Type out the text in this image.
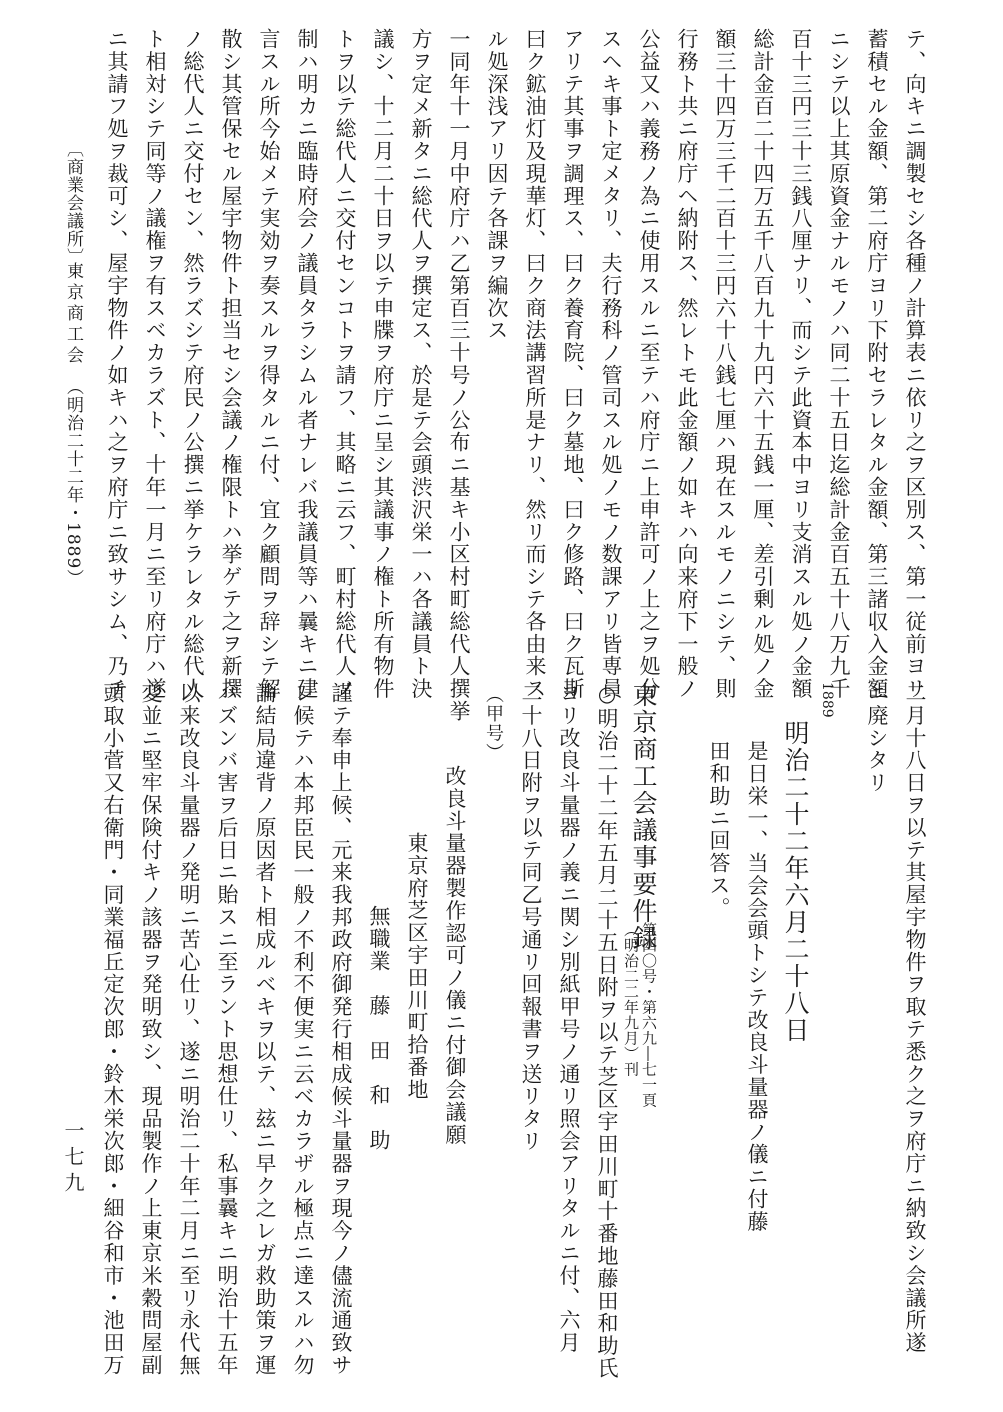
テ、向キニ調製セシ各種ノ計算表ニ依リ之ヲ区別ス、第一従前ヨリ
蓄積セル金額、第二府庁ヨリ下附セラレタル金額、第三諸収入金額
ニシテ以上其原資金ナルモノハ同二十五日迄総計金百五十八万九千
百十三円三十三銭八厘ナリ、而シテ此資本中ヨリ支消スル処ノ金額
総計金百二十四万五千八百九十九円六十五銭一厘、差引剰ル処ノ金
額三十四万三千二百十三円六十八銭七厘ハ現在スルモノニシテ、則
行務ト共ニ府庁ヘ納附ス、然レトモ此金額ノ如キハ向来府下一般ノ
公益又ハ義務ノ為ニ使用スルニ至テハ府庁ニ上申許可ノ上之ヲ処分
スヘキ事ト定メタリ、夫行務科ノ管司スル処ノモノ数課アリ皆専員
アリテ其事ヲ調理ス、曰ク養育院、曰ク墓地、曰ク修路、曰ク瓦斯
曰ク鉱油灯及現華灯、曰ク商法講習所是ナリ、然リ而シテ各由来ス
ル処深浅アリ因テ各課ヲ編次ス
一同年十一月中府庁ハ乙第百三十号ノ公布ニ基キ小区村町総代人撰挙
方ヲ定メ新タニ総代人ヲ撰定ス、於是テ会頭渋沢栄一ハ各議員ト決
議シ、十二月二十日ヲ以テ申牒ヲ府庁ニ呈シ其議事ノ権ト所有物件
トヲ以テ総代人ニ交付センコトヲ請フ、其略ニ云フ、町村総代人ノ
制ハ明カニ臨時府会ノ議員タラシムル者ナレバ我議員等ハ曩キニ建
言スル所今始メテ実効ヲ奏スルヲ得タルニ付、宜ク顧問ヲ辞シテ解
散シ其管保セル屋宇物件ト担当セシ会議ノ権限トハ挙ゲテ之ヲ新撰
ノ総代人ニ交付セン、然ラズシテ府民ノ公撰ニ挙ケラレタル総代人
ト相対シテ同等ノ議権ヲ有スベカラズト、十年一月ニ至リ府庁ハ遂
ニ其請フ処ヲ裁可シ、屋宇物件ノ如キハ之ヲ府庁ニ致サシム、乃チ
〔商業会議所〕
東京商工会
（明治二十二年・1889）
二月十八日ヲ以テ其屋宇物件ヲ取テ悉ク之ヲ府庁ニ納致シ会議所遂
ニ廃シタリ
1889
明治二十二年六月二十八日
是日栄一、当会会頭トシテ改良斗量器ノ儀ニ付藤
田和助ニ回答ス。
東京商工会議事要件録
第四〇号・第六九―七一頁
（明治二二年九月）刊
○明治二十二年五月二十五日附ヲ以テ芝区宇田川町十番地藤田和助氏
ヨリ改良斗量器ノ義ニ関シ別紙甲号ノ通リ照会アリタルニ付、六月
二十八日附ヲ以テ同乙号通リ回報書ヲ送リタリ
（甲号）
改良斗量器製作認可ノ儀ニ付御会議願
東京府芝区宇田川町拾番地
無職業　藤　田　和　助
謹テ奉申上候、元来我邦政府御発行相成候斗量器ヲ現今ノ儘流通致サ
レ候テハ本邦臣民一般ノ不利不便実ニ云ベカラザル極点ニ達スルハ勿
論結局違背ノ原因者ト相成ルベキヲ以テ、玆ニ早ク之レガ救助策ヲ運
バズンバ害ヲ后日ニ貽スニ至ラント思想仕リ、私事曩キニ明治十五年
以来改良斗量器ノ発明ニ苦心仕リ、遂ニ明治二十年二月ニ至リ永代無
変並ニ堅牢保険付キノ該器ヲ発明致シ、現品製作ノ上東京米穀問屋副
頭取小菅又右衛門・同業福丘定次郎・鈴木栄次郎・細谷和市・池田万
一七九
